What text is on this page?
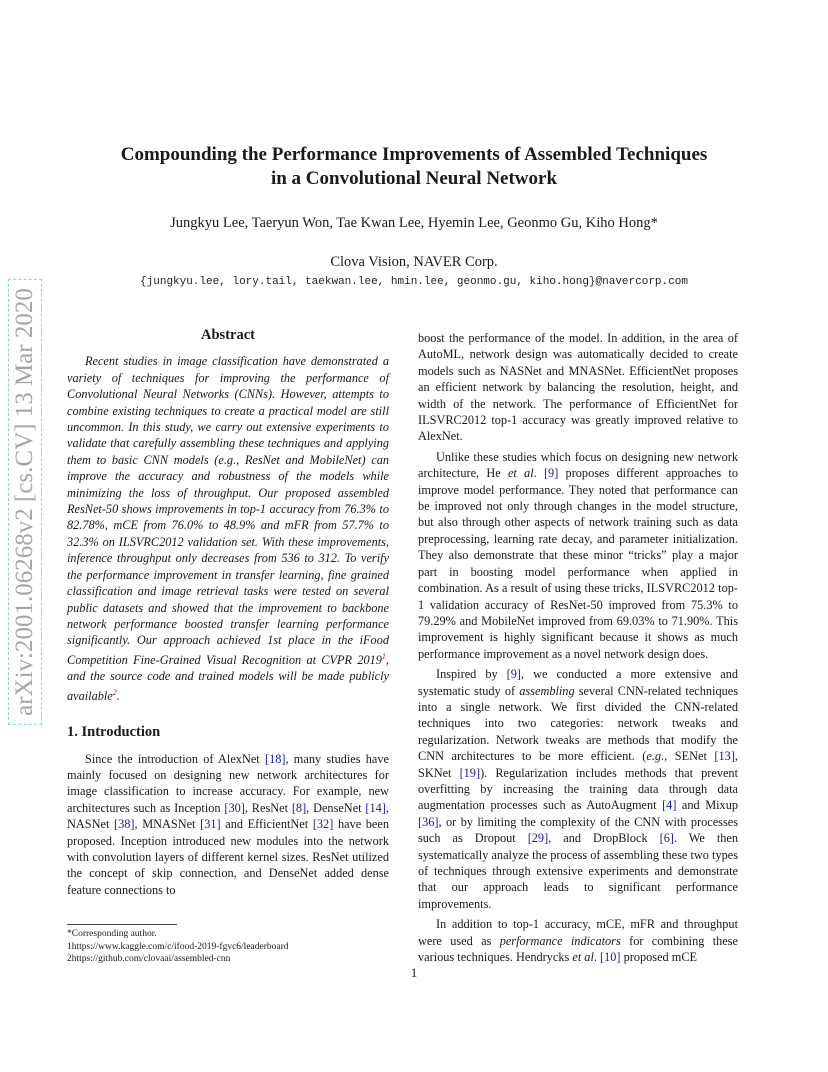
arXiv:2001.06268v2 [cs.CV] 13 Mar 2020
Compounding the Performance Improvements of Assembled Techniques
in a Convolutional Neural Network
Jungkyu Lee, Taeryun Won, Tae Kwan Lee, Hyemin Lee, Geonmo Gu, Kiho Hong*
Clova Vision, NAVER Corp.
{jungkyu.lee, lory.tail, taekwan.lee, hmin.lee, geonmo.gu, kiho.hong}@navercorp.com
Abstract

Recent studies in image classification have demonstrated a variety of techniques for improving the performance of Convolutional Neural Networks (CNNs). However, attempts to combine existing techniques to create a practical model are still uncommon. In this study, we carry out extensive experiments to validate that carefully assembling these techniques and applying them to basic CNN models (e.g., ResNet and MobileNet) can improve the accuracy and robustness of the models while minimizing the loss of throughput. Our proposed assembled ResNet-50 shows improvements in top-1 accuracy from 76.3% to 82.78%, mCE from 76.0% to 48.9% and mFR from 57.7% to 32.3% on ILSVRC2012 validation set. With these improvements, inference throughput only decreases from 536 to 312. To verify the performance improvement in transfer learning, fine grained classification and image retrieval tasks were tested on several public datasets and showed that the improvement to backbone network performance boosted transfer learning performance significantly. Our approach achieved 1st place in the iFood Competition Fine-Grained Visual Recognition at CVPR 2019$^1$, and the source code and trained models will be made publicly available$^2$.

1. Introduction

Since the introduction of AlexNet [18], many studies have mainly focused on designing new network architectures for image classification to increase accuracy. For example, new architectures such as Inception [30], ResNet [8], DenseNet [14], NASNet [38], MNASNet [31] and EfficientNet [32] have been proposed. Inception introduced new modules into the network with convolution layers of different kernel sizes. ResNet utilized the concept of skip connection, and DenseNet added dense feature connections to

*Corresponding author.
1https://www.kaggle.com/c/ifood-2019-fgvc6/leaderboard
2https://github.com/clovaai/assembled-cnn

boost the performance of the model. In addition, in the area of AutoML, network design was automatically decided to create models such as NASNet and MNASNet. EfficientNet proposes an efficient network by balancing the resolution, height, and width of the network. The performance of EfficientNet for ILSVRC2012 top-1 accuracy was greatly improved relative to AlexNet.

Unlike these studies which focus on designing new network architecture, He et al. [9] proposes different approaches to improve model performance. They noted that performance can be improved not only through changes in the model structure, but also through other aspects of network training such as data preprocessing, learning rate decay, and parameter initialization. They also demonstrate that these minor “tricks” play a major part in boosting model performance when applied in combination. As a result of using these tricks, ILSVRC2012 top-1 validation accuracy of ResNet-50 improved from 75.3% to 79.29% and MobileNet improved from 69.03% to 71.90%. This improvement is highly significant because it shows as much performance improvement as a novel network design does.

Inspired by [9], we conducted a more extensive and systematic study of assembling several CNN-related techniques into a single network. We first divided the CNN-related techniques into two categories: network tweaks and regularization. Network tweaks are methods that modify the CNN architectures to be more efficient. (e.g., SENet [13], SKNet [19]). Regularization includes methods that prevent overfitting by increasing the training data through data augmentation processes such as AutoAugment [4] and Mixup [36], or by limiting the complexity of the CNN with processes such as Dropout [29], and DropBlock [6]. We then systematically analyze the process of assembling these two types of techniques through extensive experiments and demonstrate that our approach leads to significant performance improvements.

In addition to top-1 accuracy, mCE, mFR and throughput were used as performance indicators for combining these various techniques. Hendrycks et al. [10] proposed mCE

1
